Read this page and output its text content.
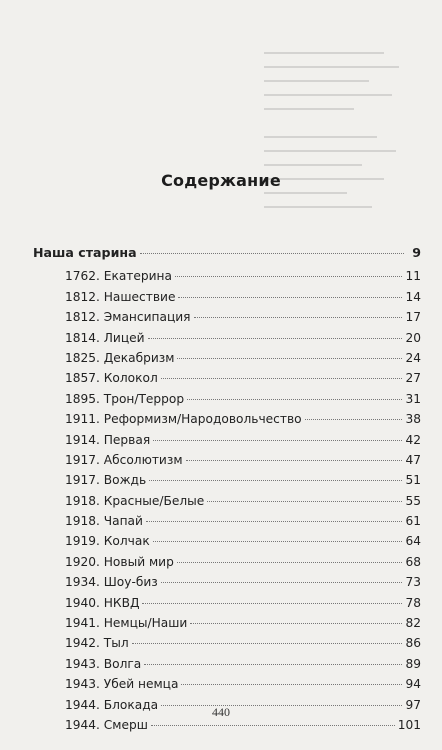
Содержание
Наша старина	9
1762. Екатерина	11
1812. Нашествие	14
1812. Эмансипация	17
1814. Лицей	20
1825. Декабризм	24
1857. Колокол	27
1895. Трон/Террор	31
1911. Реформизм/Народовольчество	38
1914. Первая	42
1917. Абсолютизм	47
1917. Вождь	51
1918. Красные/Белые	55
1918. Чапай	61
1919. Колчак	64
1920. Новый мир	68
1934. Шоу-биз	73
1940. НКВД	78
1941. Немцы/Наши	82
1942. Тыл	86
1943. Волга	89
1943. Убей немца	94
1944. Блокада	97
1944. Смерш	101
440
